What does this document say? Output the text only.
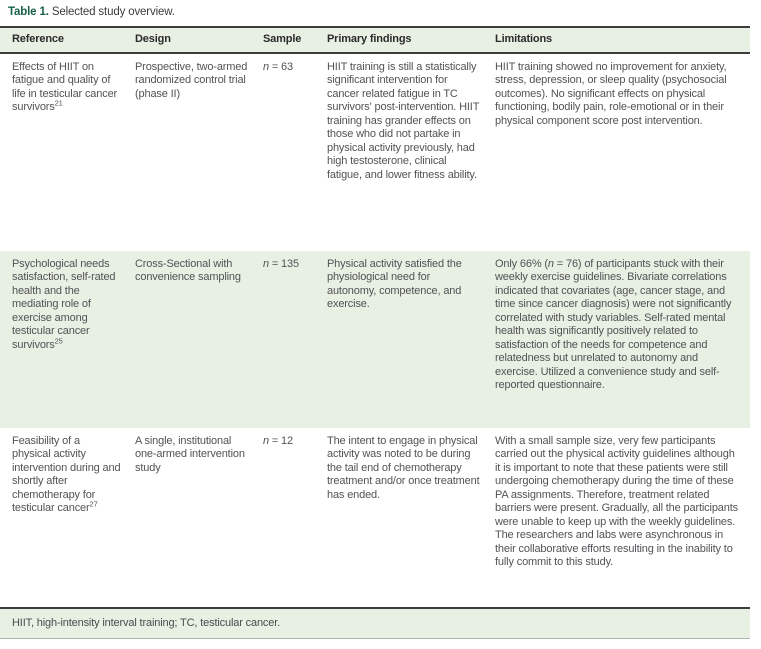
Table 1. Selected study overview.
Reference	Design	Sample	Primary findings	Limitations
Effects of HIIT on fatigue and quality of life in testicular cancer survivors$^{21}$	Prospective, two-armed randomized control trial (phase II)	n = 63	HIIT training is still a statistically significant intervention for cancer related fatigue in TC survivors' post-intervention. HIIT training has grander effects on those who did not partake in physical activity previously, had high testosterone, clinical fatigue, and lower fitness ability.	HIIT training showed no improvement for anxiety, stress, depression, or sleep quality (psychosocial outcomes). No significant effects on physical functioning, bodily pain, role-emotional or in their physical component score post intervention.
Psychological needs satisfaction, self-rated health and the mediating role of exercise among testicular cancer survivors$^{25}$	Cross-Sectional with convenience sampling	n = 135	Physical activity satisfied the physiological need for autonomy, competence, and exercise.	Only 66% (n = 76) of participants stuck with their weekly exercise guidelines. Bivariate correlations indicated that covariates (age, cancer stage, and time since cancer diagnosis) were not significantly correlated with study variables. Self-rated mental health was significantly positively related to satisfaction of the needs for competence and relatedness but unrelated to autonomy and exercise. Utilized a convenience study and self-reported questionnaire.
Feasibility of a physical activity intervention during and shortly after chemotherapy for testicular cancer$^{27}$	A single, institutional one-armed intervention study	n = 12	The intent to engage in physical activity was noted to be during the tail end of chemotherapy treatment and/or once treatment has ended.	With a small sample size, very few participants carried out the physical activity guidelines although it is important to note that these patients were still undergoing chemotherapy during the time of these PA assignments. Therefore, treatment related barriers were present. Gradually, all the participants were unable to keep up with the weekly guidelines. The researchers and labs were asynchronous in their collaborative efforts resulting in the inability to fully commit to this study.
HIIT, high-intensity interval training; TC, testicular cancer.
